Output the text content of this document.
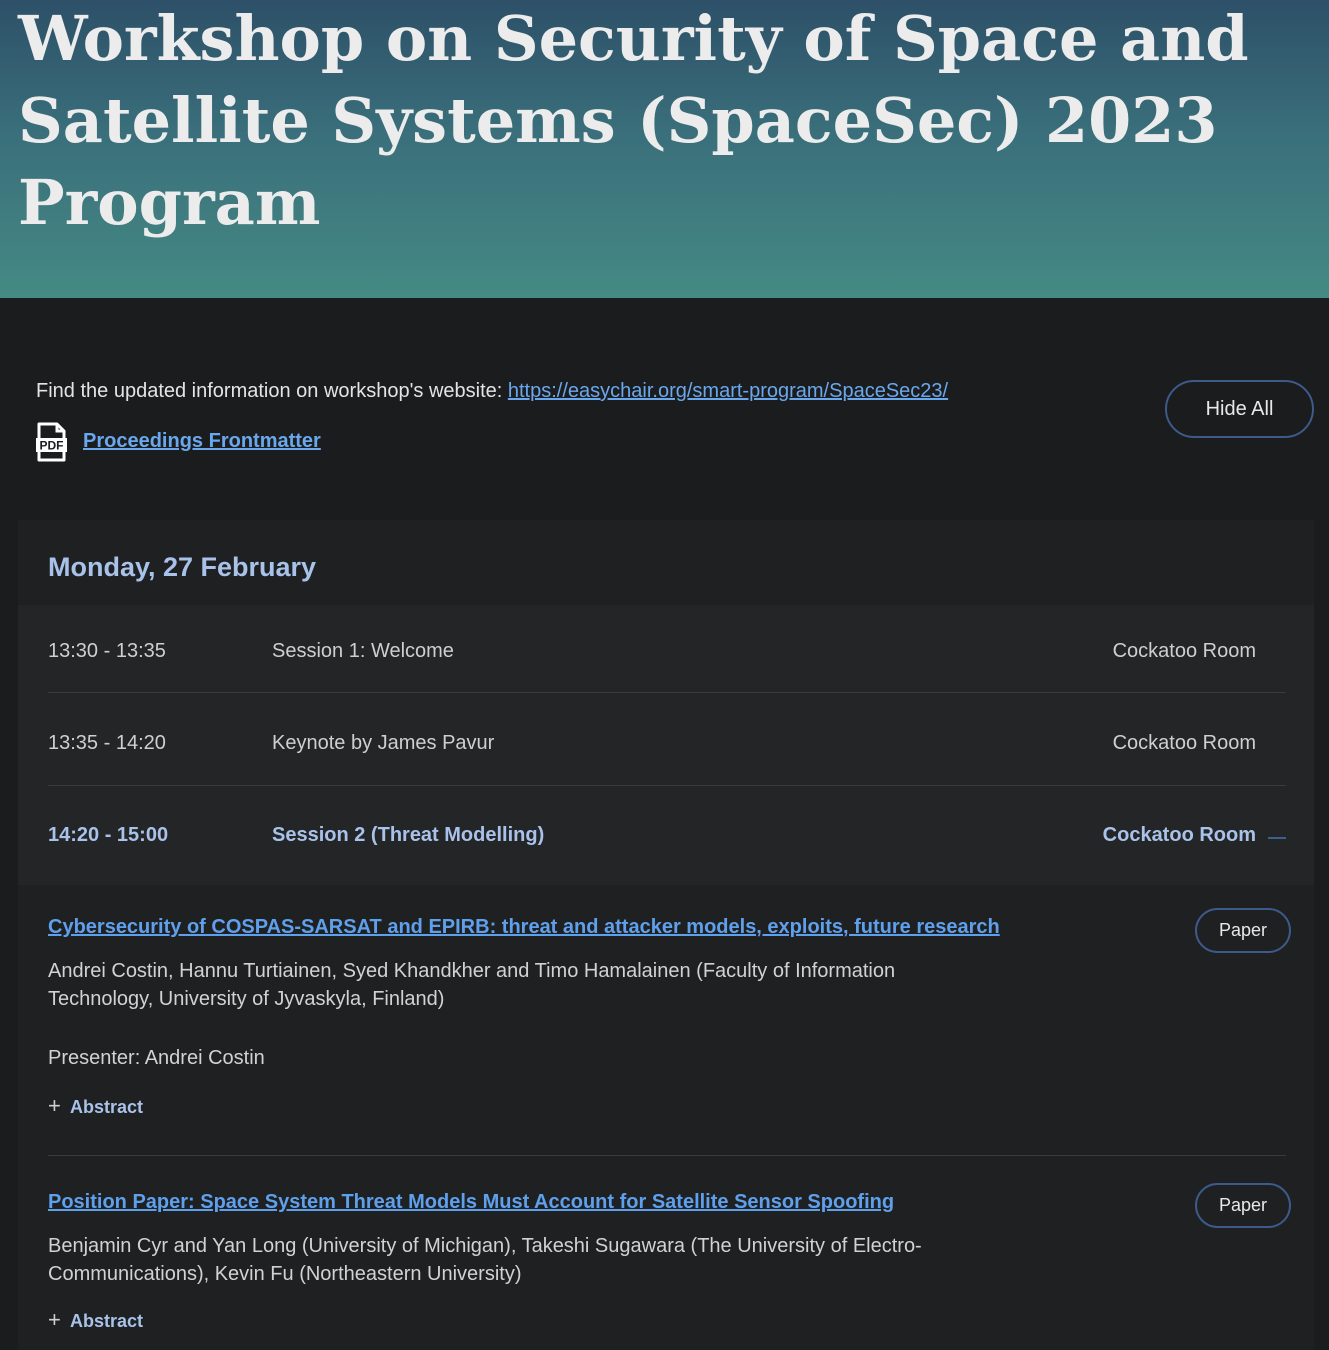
Workshop on Security of Space and Satellite Systems (SpaceSec) 2023 Program
Find the updated information on workshop's website: https://easychair.org/smart-program/SpaceSec23/
PDF Proceedings Frontmatter
Hide All
Monday, 27 February
13:30 - 13:35	Session 1: Welcome	Cockatoo Room
13:35 - 14:20	Keynote by James Pavur	Cockatoo Room
14:20 - 15:00	Session 2 (Threat Modelling)	Cockatoo Room
Cybersecurity of COSPAS-SARSAT and EPIRB: threat and attacker models, exploits, future research	Paper
Andrei Costin, Hannu Turtiainen, Syed Khandkher and Timo Hamalainen (Faculty of Information Technology, University of Jyvaskyla, Finland)
Presenter: Andrei Costin
+ Abstract
Position Paper: Space System Threat Models Must Account for Satellite Sensor Spoofing	Paper
Benjamin Cyr and Yan Long (University of Michigan), Takeshi Sugawara (The University of Electro-Communications), Kevin Fu (Northeastern University)
+ Abstract
